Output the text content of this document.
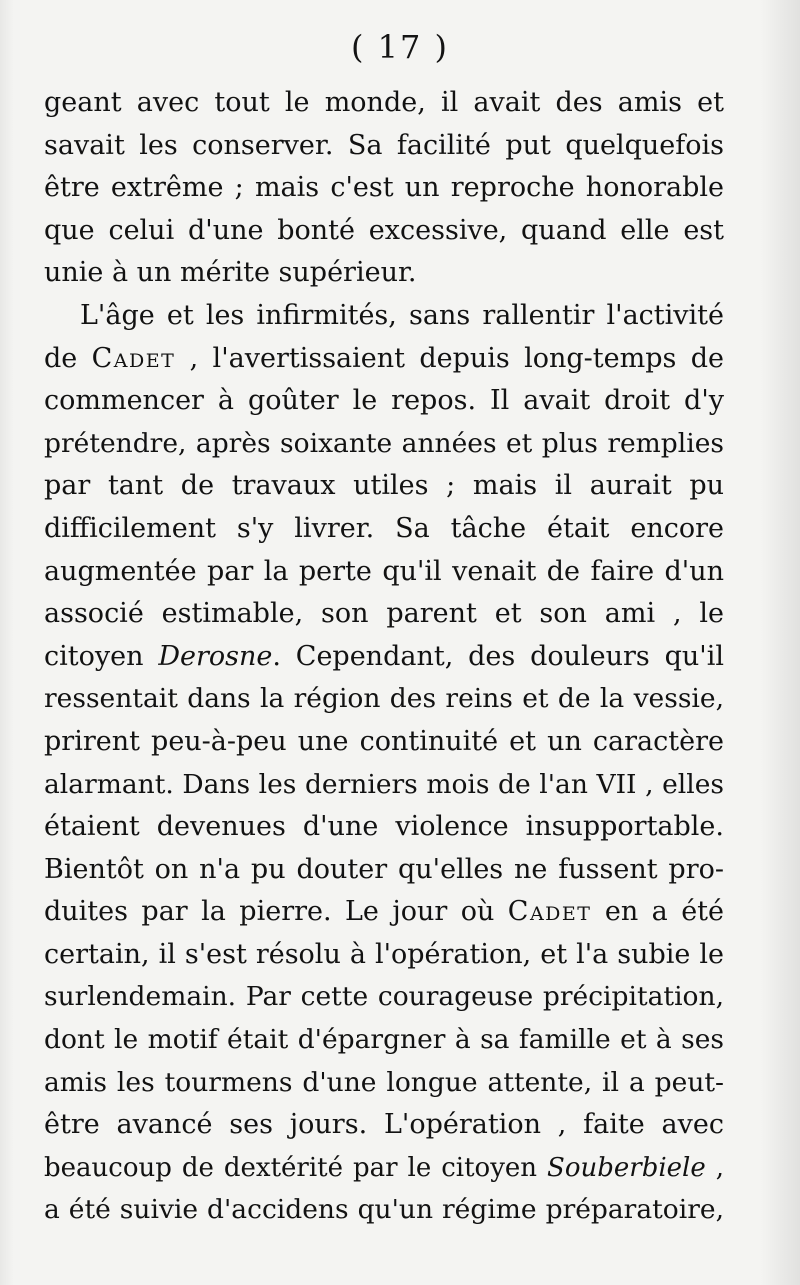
( 17 )
geant avec tout le monde, il avait des amis et
savait les conserver. Sa facilité put quelquefois
être extrême ; mais c'est un reproche honorable
que celui d'une bonté excessive, quand elle est
unie à un mérite supérieur.
L'âge et les infirmités, sans rallentir l'activité
de Cadet , l'avertissaient depuis long-temps de
commencer à goûter le repos. Il avait droit d'y
prétendre, après soixante années et plus remplies
par tant de travaux utiles ; mais il aurait pu
difficilement s'y livrer. Sa tâche était encore
augmentée par la perte qu'il venait de faire d'un
associé estimable, son parent et son ami , le
citoyen Derosne. Cependant, des douleurs qu'il
ressentait dans la région des reins et de la vessie,
prirent peu-à-peu une continuité et un caractère
alarmant. Dans les derniers mois de l'an VII , elles
étaient devenues d'une violence insupportable.
Bientôt on n'a pu douter qu'elles ne fussent pro-
duites par la pierre. Le jour où Cadet en a été
certain, il s'est résolu à l'opération, et l'a subie le
surlendemain. Par cette courageuse précipitation,
dont le motif était d'épargner à sa famille et à ses
amis les tourmens d'une longue attente, il a peut-
être avancé ses jours. L'opération , faite avec
beaucoup de dextérité par le citoyen Souberbiele ,
a été suivie d'accidens qu'un régime préparatoire,
